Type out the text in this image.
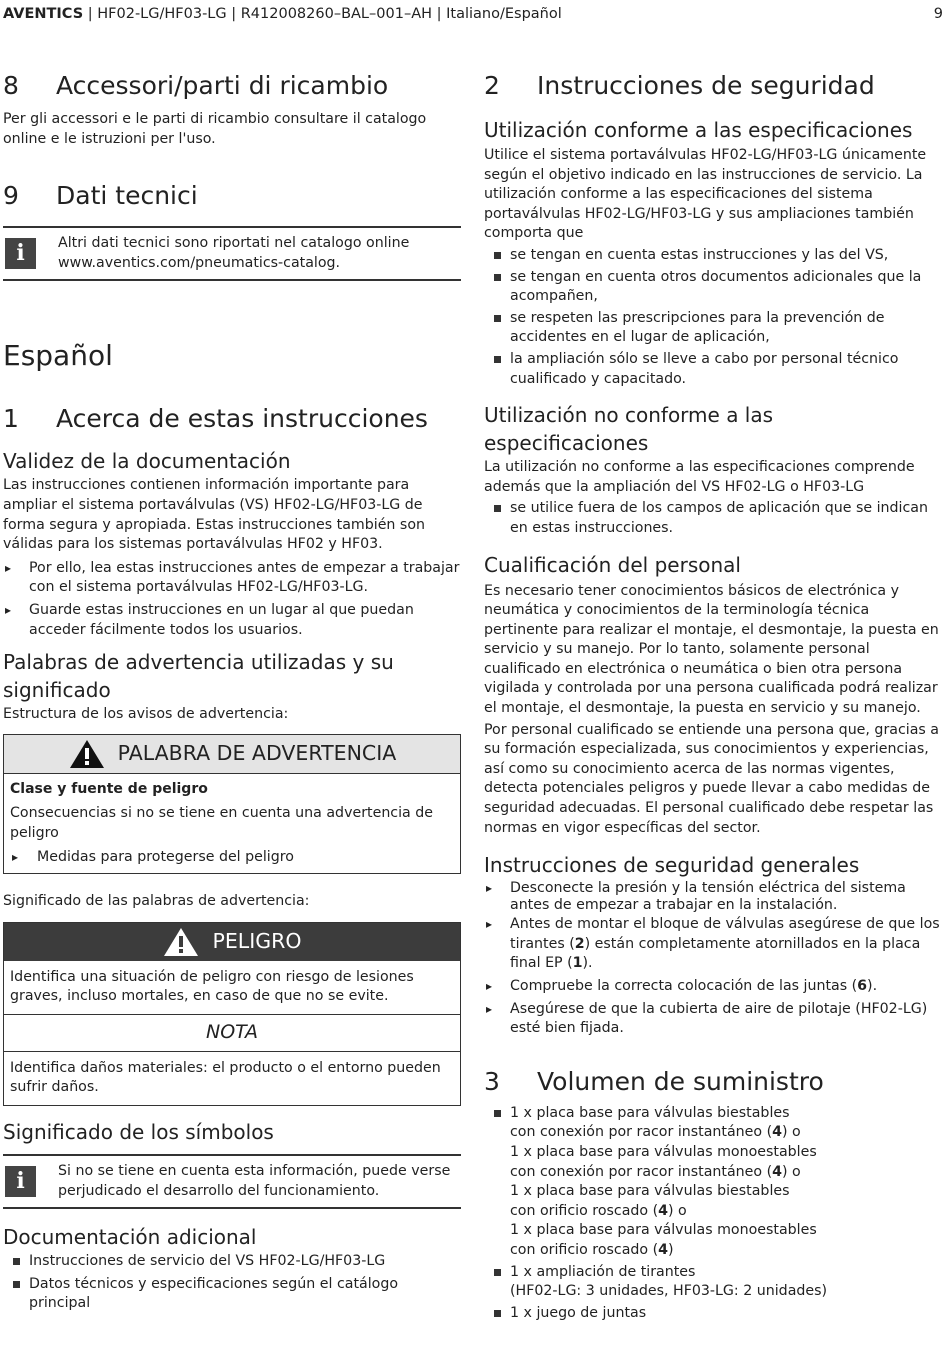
AVENTICS | HF02-LG/HF03-LG | R412008260–BAL–001–AH | Italiano/Español	9
8	Accessori/parti di ricambio

Per gli accessori e le parti di ricambio consultare il catalogo online e le istruzioni per l'uso.

9	Dati tecnici
i	Altri dati tecnici sono riportati nel catalogo online
www.aventics.com/pneumatics-catalog.
Español
1	Acerca de estas instrucciones
Validez de la documentación

Las instrucciones contienen información importante para ampliar el sistema portaválvulas (VS) HF02-LG/HF03-LG de forma segura y apropiada. Estas instrucciones también son válidas para los sistemas portaválvulas HF02 y HF03.

▸ Por ello, lea estas instrucciones antes de empezar a trabajar con el sistema portaválvulas HF02-LG/HF03-LG.
▸ Guarde estas instrucciones en un lugar al que puedan acceder fácilmente todos los usuarios.
Palabras de advertencia utilizadas y su significado

Estructura de los avisos de advertencia:

PALABRA DE ADVERTENCIA
Clase y fuente de peligro
Consecuencias si no se tiene en cuenta una advertencia de peligro
▸ Medidas para protegerse del peligro

Significado de las palabras de advertencia:

PELIGRO
Identifica una situación de peligro con riesgo de lesiones graves, incluso mortales, en caso de que no se evite.
NOTA
Identifica daños materiales: el producto o el entorno pueden sufrir daños.
Significado de los símbolos
i	Si no se tiene en cuenta esta información, puede verse perjudicado el desarrollo del funcionamiento.
Documentación adicional
Instrucciones de servicio del VS HF02-LG/HF03-LG
Datos técnicos y especificaciones según el catálogo principal
2	Instrucciones de seguridad
Utilización conforme a las especificaciones

Utilice el sistema portaválvulas HF02-LG/HF03-LG únicamente según el objetivo indicado en las instrucciones de servicio. La utilización conforme a las especificaciones del sistema portaválvulas HF02-LG/HF03-LG y sus ampliaciones también comporta que

se tengan en cuenta estas instrucciones y las del VS,
se tengan en cuenta otros documentos adicionales que la acompañen,
se respeten las prescripciones para la prevención de accidentes en el lugar de aplicación,
la ampliación sólo se lleve a cabo por personal técnico cualificado y capacitado.
Utilización no conforme a las especificaciones

La utilización no conforme a las especificaciones comprende además que la ampliación del VS HF02-LG o HF03-LG

se utilice fuera de los campos de aplicación que se indican en estas instrucciones.
Cualificación del personal

Es necesario tener conocimientos básicos de electrónica y neumática y conocimientos de la terminología técnica pertinente para realizar el montaje, el desmontaje, la puesta en servicio y su manejo. Por lo tanto, solamente personal cualificado en electrónica o neumática o bien otra persona vigilada y controlada por una persona cualificada podrá realizar el montaje, el desmontaje, la puesta en servicio y su manejo.

Por personal cualificado se entiende una persona que, gracias a su formación especializada, sus conocimientos y experiencias, así como su conocimiento acerca de las normas vigentes, detecta potenciales peligros y puede llevar a cabo medidas de seguridad adecuadas. El personal cualificado debe respetar las normas en vigor específicas del sector.

Instrucciones de seguridad generales
▸ Desconecte la presión y la tensión eléctrica del sistema antes de empezar a trabajar en la instalación.
▸ Antes de montar el bloque de válvulas asegúrese de que los tirantes (2) están completamente atornillados en la placa final EP (1).
▸ Compruebe la correcta colocación de las juntas (6).
▸ Asegúrese de que la cubierta de aire de pilotaje (HF02-LG) esté bien fijada.
3	Volumen de suministro
1 x placa base para válvulas biestables
con conexión por racor instantáneo (4) o
1 x placa base para válvulas monoestables
con conexión por racor instantáneo (4) o
1 x placa base para válvulas biestables
con orificio roscado (4) o
1 x placa base para válvulas monoestables
con orificio roscado (4)
1 x ampliación de tirantes
(HF02-LG: 3 unidades, HF03-LG: 2 unidades)
1 x juego de juntas
